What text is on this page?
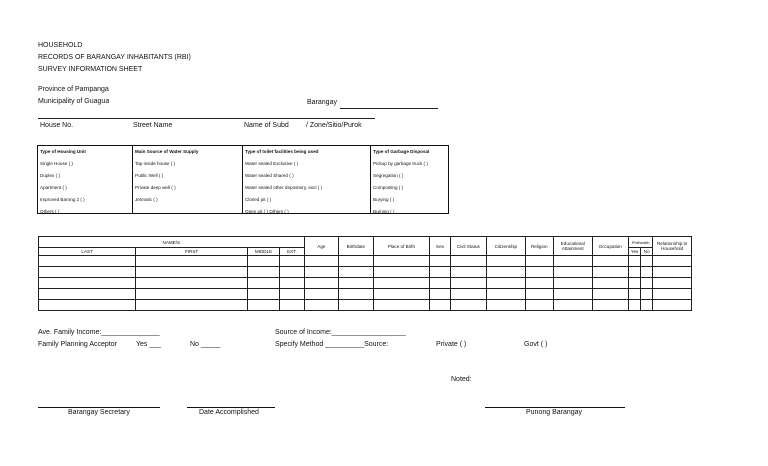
HOUSEHOLD
RECORDS OF BARANGAY INHABITANTS (RBI)
SURVEY INFORMATION SHEET
Province of Pampanga
Municipality of Guagua	Barangay
House No.	Street Name	Name of Subd / Zone/Sitio/Purok
Type of Housing Unit
Single House ( )
Duplex ( )
Apartment ( )
Improved Barong 2 ( )
Others ( )
Main Source of Water Supply
Tap inside house ( )
Public Well ( )
Private deep well ( )
Jetmatic ( )

Type of toilet facilities being used
Water sealed Exclusive ( )
Water sealed Shared ( )
Water sealed other depository, excl ( )
Closed pit ( )
Open pit ( ) Others ( )
Type of Garbage Disposal
Pickup by garbage truck ( )
Segregation ( )
Composting ( )
Burying ( )
Burning ( )
NAME/S				Age	Birthdate	Place of Birth	Sex	Civil Status	Citizenship	Religion	Educational Attainment	Occupation	Philhealth		Relationship to Household
LAST	FIRST	MIDDLE	EXT.										Yes	No	

Ave. Family Income:_______________	Source of Income:___________________
Family Planning Acceptor	Yes ___	No _____	Specify Method __________Source:	Private ( )	Govt ( )
Noted:
Barangay Secretary	Date Accomplished	Punong Barangay
